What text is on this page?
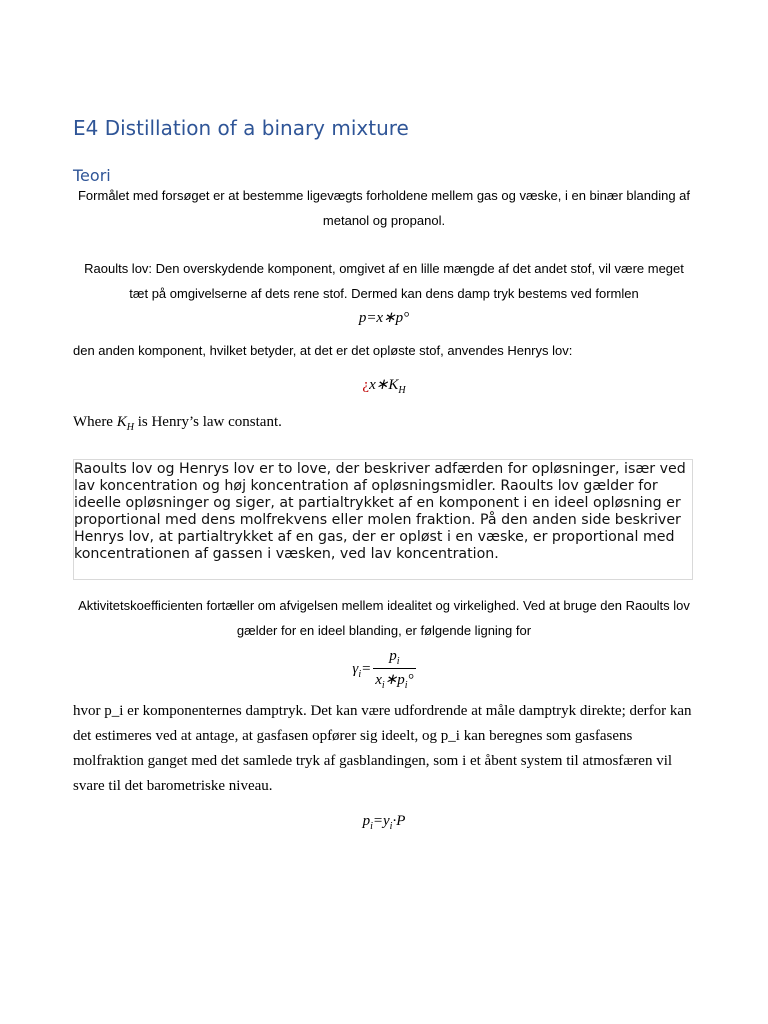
E4 Distillation of a binary mixture
Teori
Formålet med forsøget er at bestemme ligevægts forholdene mellem gas og væske, i en binær blanding af metanol og propanol.
Raoults lov: Den overskydende komponent, omgivet af en lille mængde af det andet stof, vil være meget tæt på omgivelserne af dets rene stof. Dermed kan dens damp tryk bestems ved formlen
p=x∗p°
den anden komponent, hvilket betyder, at det er det opløste stof, anvendes Henrys lov:
¿$x∗K_H$
Where $K_H$ is Henry’s law constant.
Raoults lov og Henrys lov er to love, der beskriver adfærden for opløsninger, især ved lav koncentration og høj koncentration af opløsningsmidler. Raoults lov gælder for ideelle opløsninger og siger, at partialtrykket af en komponent i en ideel opløsning er proportional med dens molfrekvens eller molen fraktion. På den anden side beskriver Henrys lov, at partialtrykket af en gas, der er opløst i en væske, er proportional med koncentrationen af gassen i væsken, ved lav koncentration.
Aktivitetskoefficienten fortæller om afvigelsen mellem idealitet og virkelighed. Ved at bruge den Raoults lov gælder for en ideel blanding, er følgende ligning for
$\gamma_i= \frac{p_i}{x_i∗p_i^\circ}$
hvor p_i er komponenternes damptryk. Det kan være udfordrende at måle damptryk direkte; derfor kan det estimeres ved at antage, at gasfasen opfører sig ideelt, og p_i kan beregnes som gasfasens molfraktion ganget med det samlede tryk af gasblandingen, som i et åbent system til atmosfæren vil svare til det barometriske niveau.
$p_i=y_i\cdot P$
